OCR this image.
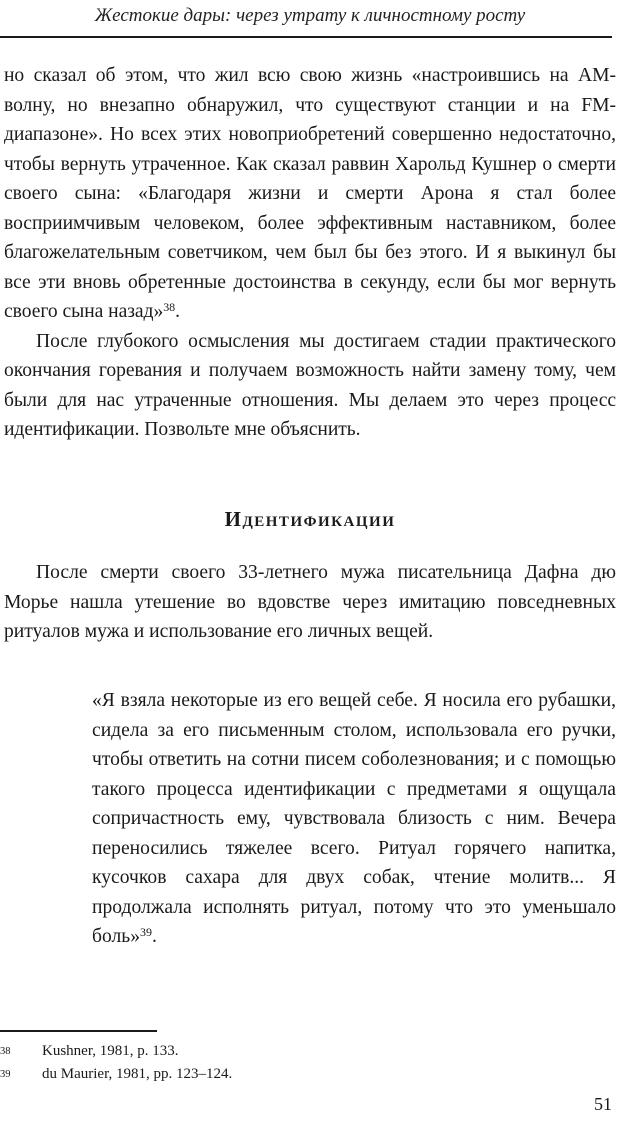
Жестокие дары: через утрату к личностному росту

но сказал об этом, что жил всю свою жизнь «настроившись на АМ-волну, но внезапно обнаружил, что существуют станции и на FM-диапазоне». Но всех этих новоприобретений совершенно недостаточно, чтобы вернуть утраченное. Как сказал раввин Харольд Кушнер о смерти своего сына: «Благодаря жизни и смерти Арона я стал более восприимчивым человеком, более эффективным наставником, более благожелательным советчиком, чем был бы без этого. И я выкинул бы все эти вновь обретенные достоинства в секунду, если бы мог вернуть своего сына назад»$^{38}$.

После глубокого осмысления мы достигаем стадии практического окончания горевания и получаем возможность найти замену тому, чем были для нас утраченные отношения. Мы делаем это через процесс идентификации. Позвольте мне объяснить.

Идентификации

После смерти своего 33-летнего мужа писательница Дафна дю Морье нашла утешение во вдовстве через имитацию повседневных ритуалов мужа и использование его личных вещей.

«Я взяла некоторые из его вещей себе. Я носила его рубашки, сидела за его письменным столом, использовала его ручки, чтобы ответить на сотни писем соболезнования; и с помощью такого процесса идентификации с предметами я ощущала сопричастность ему, чувствовала близость с ним. Вечера переносились тяжелее всего. Ритуал горячего напитка, кусочков сахара для двух собак, чтение молитв... Я продолжала исполнять ритуал, потому что это уменьшало боль»$^{39}$.

38	Kushner, 1981, p. 133.
39	du Maurier, 1981, pp. 123–124.
51
